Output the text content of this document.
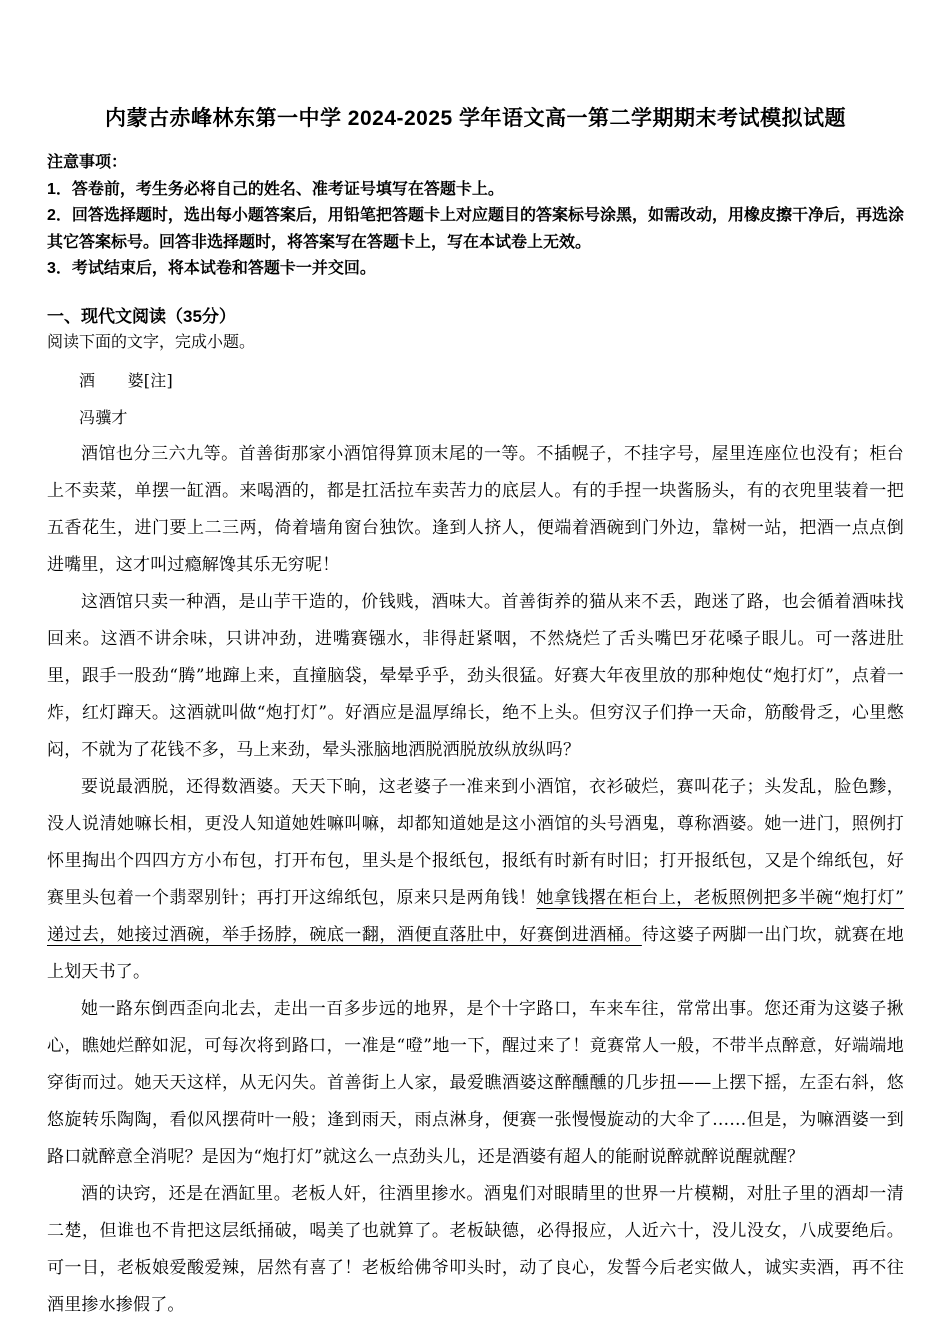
内蒙古赤峰林东第一中学 2024-2025 学年语文高一第二学期期末考试模拟试题

注意事项：

1．答卷前，考生务必将自己的姓名、准考证号填写在答题卡上。

2．回答选择题时，选出每小题答案后，用铅笔把答题卡上对应题目的答案标号涂黑，如需改动，用橡皮擦干净后，再选涂其它答案标号。回答非选择题时，将答案写在答题卡上，写在本试卷上无效。

3．考试结束后，将本试卷和答题卡一并交回。

一、现代文阅读（35分）

阅读下面的文字，完成小题。

酒　　婆[注]

冯骥才

酒馆也分三六九等。首善街那家小酒馆得算顶末尾的一等。不插幌子，不挂字号，屋里连座位也没有；柜台上不卖菜，单摆一缸酒。来喝酒的，都是扛活拉车卖苦力的底层人。有的手捏一块酱肠头，有的衣兜里装着一把五香花生，进门要上二三两，倚着墙角窗台独饮。逢到人挤人，便端着酒碗到门外边，靠树一站，把酒一点点倒进嘴里，这才叫过瘾解馋其乐无穷呢！

这酒馆只卖一种酒，是山芋干造的，价钱贱，酒味大。首善街养的猫从来不丢，跑迷了路，也会循着酒味找回来。这酒不讲余味，只讲冲劲，进嘴赛镪水，非得赶紧咽，不然烧烂了舌头嘴巴牙花嗓子眼儿。可一落进肚里，跟手一股劲“腾”地蹿上来，直撞脑袋，晕晕乎乎，劲头很猛。好赛大年夜里放的那种炮仗“炮打灯”，点着一炸，红灯蹿天。这酒就叫做“炮打灯”。好酒应是温厚绵长，绝不上头。但穷汉子们挣一天命，筋酸骨乏，心里憋闷，不就为了花钱不多，马上来劲，晕头涨脑地洒脱洒脱放纵放纵吗？

要说最洒脱，还得数酒婆。天天下晌，这老婆子一准来到小酒馆，衣衫破烂，赛叫花子；头发乱，脸色黪，没人说清她嘛长相，更没人知道她姓嘛叫嘛，却都知道她是这小酒馆的头号酒鬼，尊称酒婆。她一进门，照例打怀里掏出个四四方方小布包，打开布包，里头是个报纸包，报纸有时新有时旧；打开报纸包，又是个绵纸包，好赛里头包着一个翡翠别针；再打开这绵纸包，原来只是两角钱！她拿钱撂在柜台上，老板照例把多半碗“炮打灯”递过去，她接过酒碗，举手扬脖，碗底一翻，酒便直落肚中，好赛倒进酒桶。待这婆子两脚一出门坎，就赛在地上划天书了。

她一路东倒西歪向北去，走出一百多步远的地界，是个十字路口，车来车往，常常出事。您还甭为这婆子揪心，瞧她烂醉如泥，可每次将到路口，一准是“噔”地一下，醒过来了！竟赛常人一般，不带半点醉意，好端端地穿街而过。她天天这样，从无闪失。首善街上人家，最爱瞧酒婆这醉醺醺的几步扭——上摆下摇，左歪右斜，悠悠旋转乐陶陶，看似风摆荷叶一般；逢到雨天，雨点淋身，便赛一张慢慢旋动的大伞了……但是，为嘛酒婆一到路口就醉意全消呢？是因为“炮打灯”就这么一点劲头儿，还是酒婆有超人的能耐说醉就醉说醒就醒？

酒的诀窍，还是在酒缸里。老板人奸，往酒里掺水。酒鬼们对眼睛里的世界一片模糊，对肚子里的酒却一清二楚，但谁也不肯把这层纸捅破，喝美了也就算了。老板缺德，必得报应，人近六十，没儿没女，八成要绝后。可一日，老板娘爱酸爱辣，居然有喜了！老板给佛爷叩头时，动了良心，发誓今后老实做人，诚实卖酒，再不往酒里掺水掺假了。
